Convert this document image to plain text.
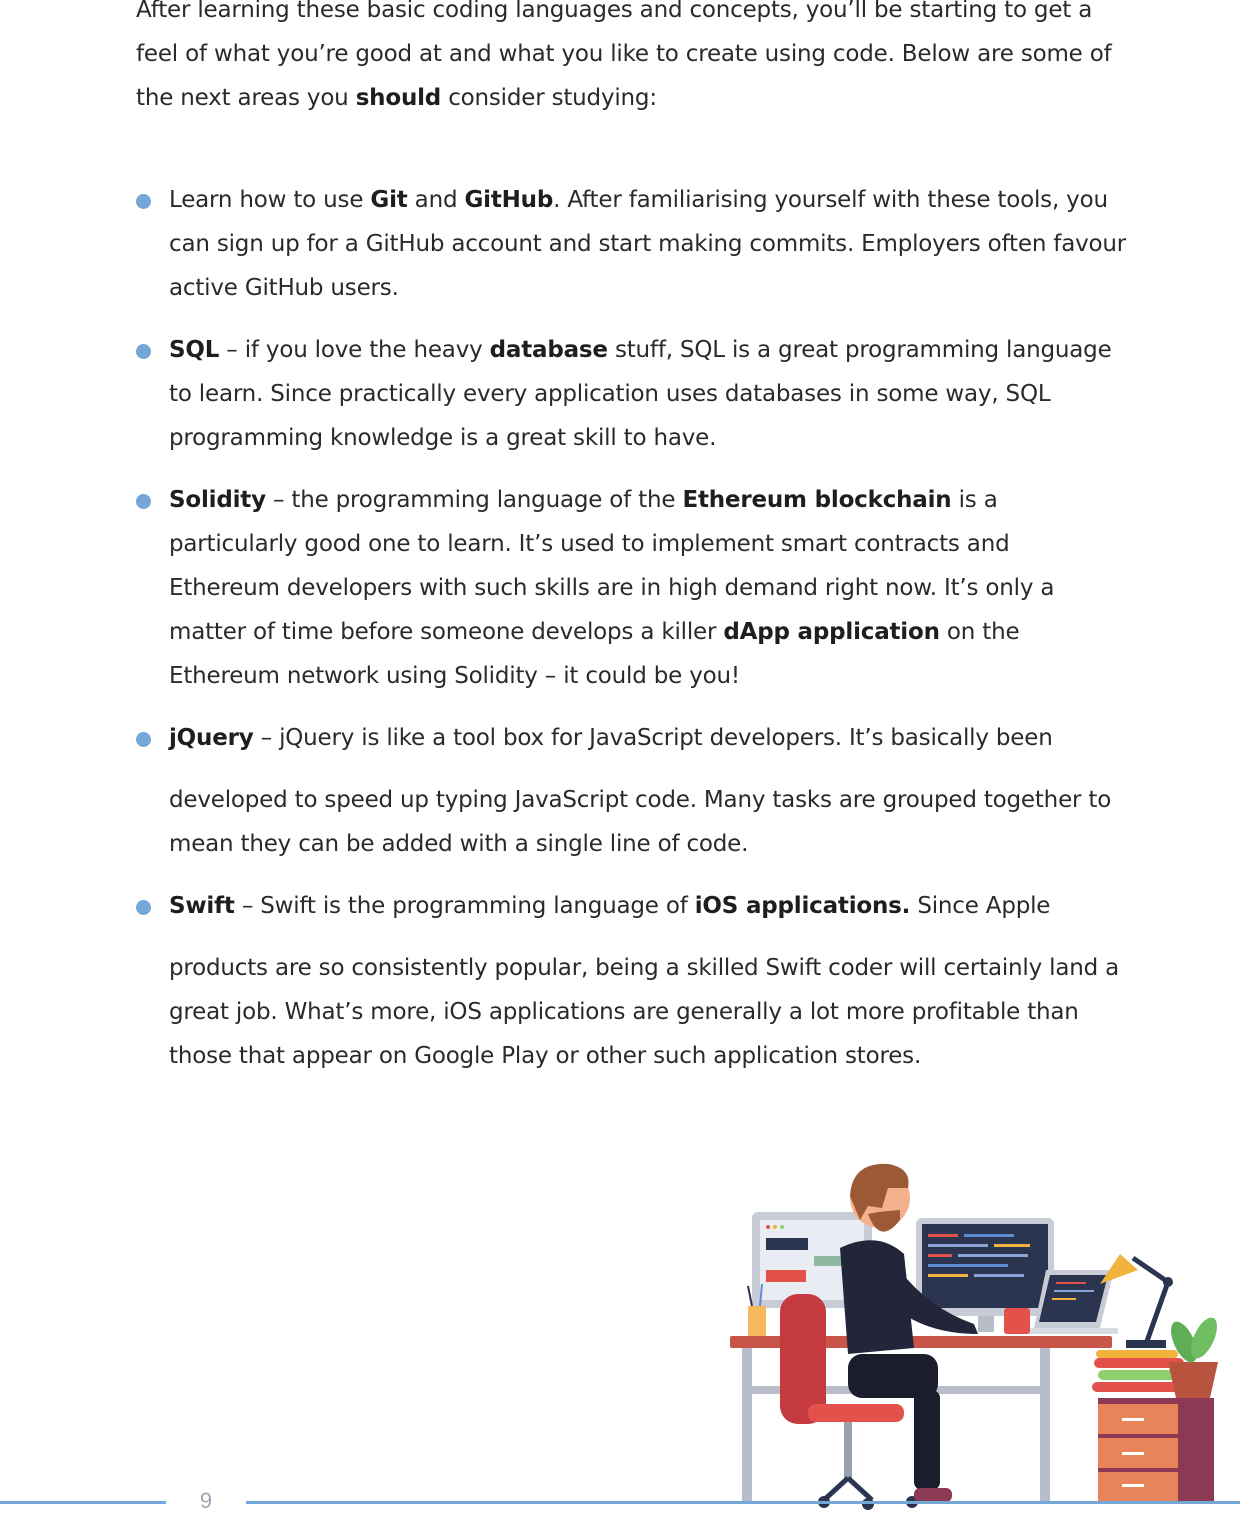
After learning these basic coding languages and concepts, you’ll be starting to get a feel of what you’re good at and what you like to create using code. Below are some of the next areas you should consider studying:

Learn how to use Git and GitHub. After familiarising yourself with these tools, you can sign up for a GitHub account and start making commits. Employers often favour active GitHub users.
SQL – if you love the heavy database stuff, SQL is a great programming language to learn. Since practically every application uses databases in some way, SQL programming knowledge is a great skill to have.
Solidity – the programming language of the Ethereum blockchain is a particularly good one to learn. It’s used to implement smart contracts and Ethereum developers with such skills are in high demand right now. It’s only a matter of time before someone develops a killer dApp application on the Ethereum network using Solidity – it could be you!
jQuery – jQuery is like a tool box for JavaScript developers. It’s basically been
developed to speed up typing JavaScript code. Many tasks are grouped together to mean they can be added with a single line of code.
Swift – Swift is the programming language of iOS applications. Since Apple
products are so consistently popular, being a skilled Swift coder will certainly land a great job. What’s more, iOS applications are generally a lot more profitable than those that appear on Google Play or other such application stores.
9
